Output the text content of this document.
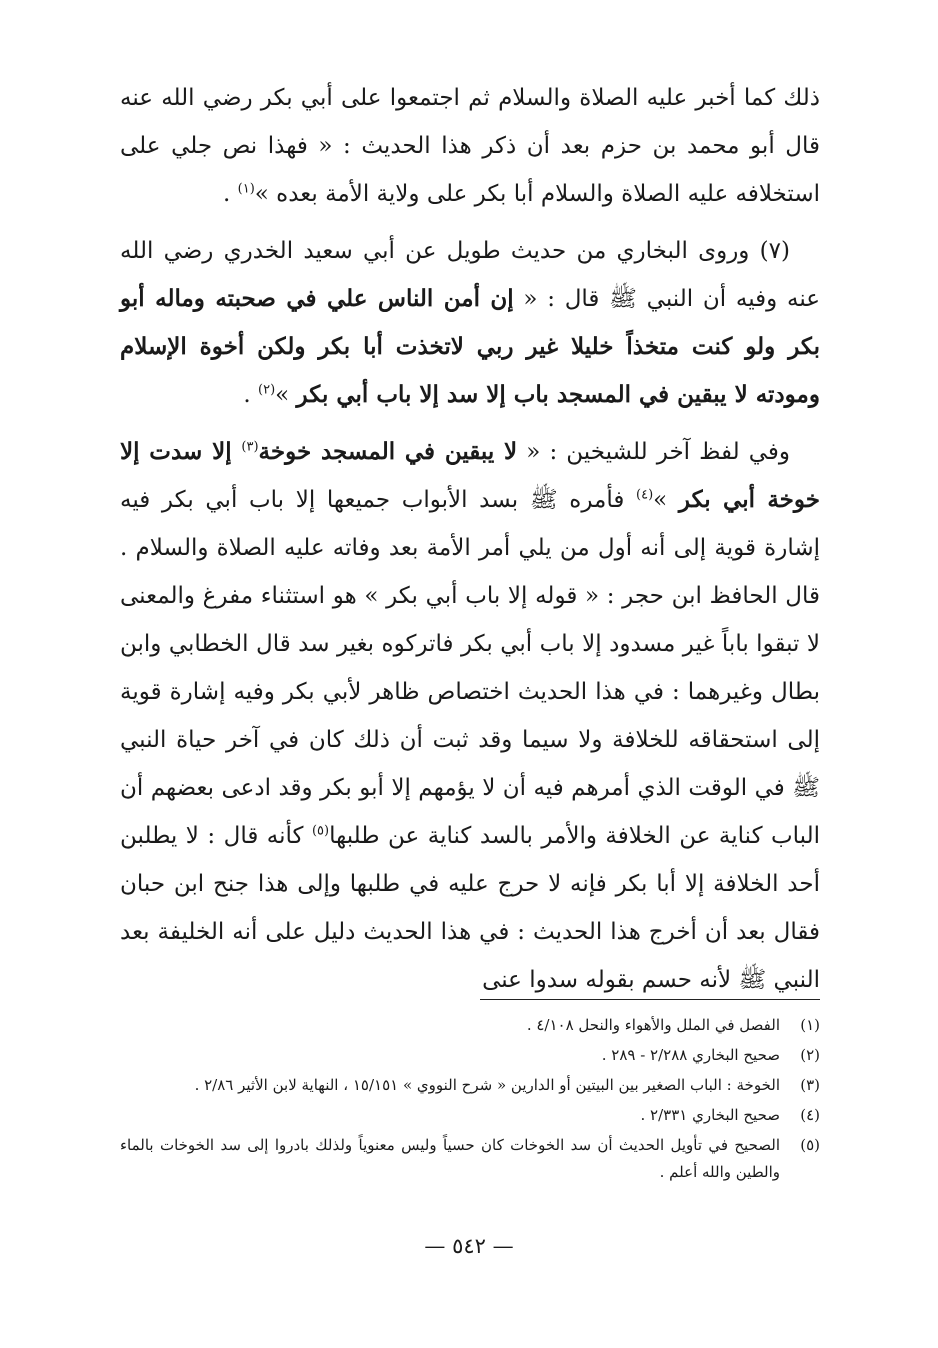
ذلك كما أخبر عليه الصلاة والسلام ثم اجتمعوا على أبي بكر رضي الله عنه قال أبو محمد بن حزم بعد أن ذكر هذا الحديث : « فهذا نص جلي على استخلافه عليه الصلاة والسلام أبا بكر على ولاية الأمة بعده »$^{(١)}$ .

(٧) وروى البخاري من حديث طويل عن أبي سعيد الخدري رضي الله عنه وفيه أن النبي ﷺ قال : « إن أمن الناس علي في صحبته وماله أبو بكر ولو كنت متخذاً خليلا غير ربي لاتخذت أبا بكر ولكن أخوة الإسلام ومودته لا يبقين في المسجد باب إلا سد إلا باب أبي بكر »$^{(٢)}$ .

وفي لفظ آخر للشيخين : « لا يبقين في المسجد خوخة$^{(٣)}$ إلا سدت إلا خوخة أبي بكر »$^{(٤)}$ فأمره ﷺ بسد الأبواب جميعها إلا باب أبي بكر فيه إشارة قوية إلى أنه أول من يلي أمر الأمة بعد وفاته عليه الصلاة والسلام . قال الحافظ ابن حجر : « قوله إلا باب أبي بكر » هو استثناء مفرغ والمعنى لا تبقوا باباً غير مسدود إلا باب أبي بكر فاتركوه بغير سد قال الخطابي وابن بطال وغيرهما : في هذا الحديث اختصاص ظاهر لأبي بكر وفيه إشارة قوية إلى استحقاقه للخلافة ولا سيما وقد ثبت أن ذلك كان في آخر حياة النبي ﷺ في الوقت الذي أمرهم فيه أن لا يؤمهم إلا أبو بكر وقد ادعى بعضهم أن الباب كناية عن الخلافة والأمر بالسد كناية عن طلبها$^{(٥)}$ كأنه قال : لا يطلبن أحد الخلافة إلا أبا بكر فإنه لا حرج عليه في طلبها وإلى هذا جنح ابن حبان فقال بعد أن أخرج هذا الحديث : في هذا الحديث دليل على أنه الخليفة بعد النبي ﷺ لأنه حسم بقوله سدوا عنى

(١)
الفصل في الملل والأهواء والنحل ٤/١٠٨ .
(٢)
صحيح البخاري ٢/٢٨٨ - ٢٨٩ .
(٣)
الخوخة : الباب الصغير بين البيتين أو الدارين « شرح النووي » ١٥/١٥١ ، النهاية لابن الأثير ٢/٨٦ .
(٤)
صحيح البخاري ٢/٣٣١ .
(٥)
الصحيح في تأويل الحديث أن سد الخوخات كان حسياً وليس معنوياً ولذلك بادروا إلى سد الخوخات بالماء والطين والله أعلم .
— ٥٤٢ —
